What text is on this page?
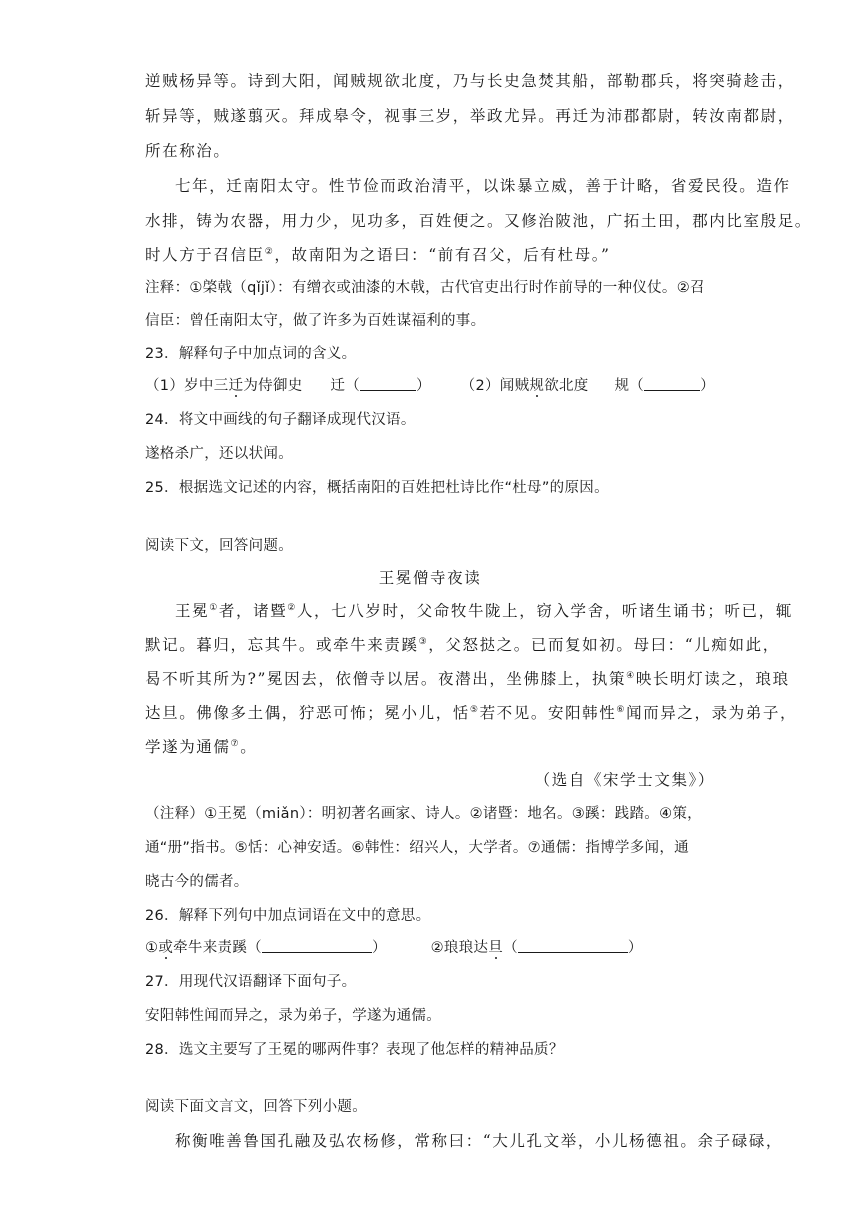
逆贼杨异等。诗到大阳，闻贼规欲北度，乃与长史急焚其船，部勒郡兵，将突骑趁击，
斩异等，贼遂翦灭。拜成皋令，视事三岁，举政尤异。再迁为沛郡都尉，转汝南都尉，
所在称治。
七年，迁南阳太守。性节俭而政治清平，以诛暴立威，善于计略，省爱民役。造作
水排，铸为农器，用力少，见功多，百姓便之。又修治陂池，广拓土田，郡内比室殷足。
时人方于召信臣②，故南阳为之语曰：“前有召父，后有杜母。”
注释：①棨戟（qǐjǐ）：有缯衣或油漆的木戟，古代官吏出行时作前导的一种仪仗。②召
信臣：曾任南阳太守，做了许多为百姓谋福利的事。
23．解释句子中加点词的含义。
（1）岁中三迁为侍御史 迁（	） （2）闻贼规欲北度 规（	）
24．将文中画线的句子翻译成现代汉语。
遂格杀广，还以状闻。
25．根据选文记述的内容，概括南阳的百姓把杜诗比作“杜母”的原因。
阅读下文，回答问题。
王冕僧寺夜读
王冕①者，诸暨②人，七八岁时，父命牧牛陇上，窃入学舍，听诸生诵书；听已，辄
默记。暮归，忘其牛。或牵牛来责蹊③，父怒挞之。已而复如初。母曰：“儿痴如此，
曷不听其所为?”冕因去，依僧寺以居。夜潜出，坐佛膝上，执策④映长明灯读之，琅琅
达旦。佛像多土偶，狞恶可怖；冕小儿，恬⑤若不见。安阳韩性⑥闻而异之，录为弟子，
学遂为通儒⑦。
（选自《宋学士文集》）
（注释）①王冕（miǎn）：明初著名画家、诗人。②诸暨：地名。③蹊：践踏。④策，
通“册”指书。⑤恬：心神安适。⑥韩性：绍兴人，大学者。⑦通儒：指博学多闻，通
晓古今的儒者。
26．解释下列句中加点词语在文中的意思。
①或牵牛来责蹊（	）	②琅琅达旦（	）
27．用现代汉语翻译下面句子。
安阳韩性闻而异之，录为弟子，学遂为通儒。
28．选文主要写了王冕的哪两件事？表现了他怎样的精神品质？
阅读下面文言文，回答下列小题。
称衡唯善鲁国孔融及弘农杨修，常称曰：“大儿孔文举，小儿杨德祖。余子碌碌，
